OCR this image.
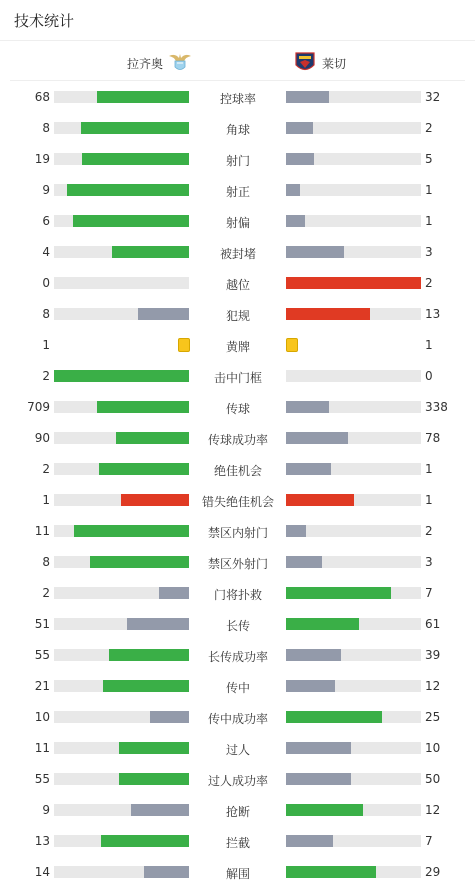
技术统计
拉齐奥	莱切
68	控球率	32
8	角球	2
19	射门	5
9	射正	1
6	射偏	1
4	被封堵	3
0	越位	2
8	犯规	13
1	黄牌	1
2	击中门框	0
709	传球	338
90	传球成功率	78
2	绝佳机会	1
1	错失绝佳机会	1
11	禁区内射门	2
8	禁区外射门	3
2	门将扑救	7
51	长传	61
55	长传成功率	39
21	传中	12
10	传中成功率	25
11	过人	10
55	过人成功率	50
9	抢断	12
13	拦截	7
14	解围	29
